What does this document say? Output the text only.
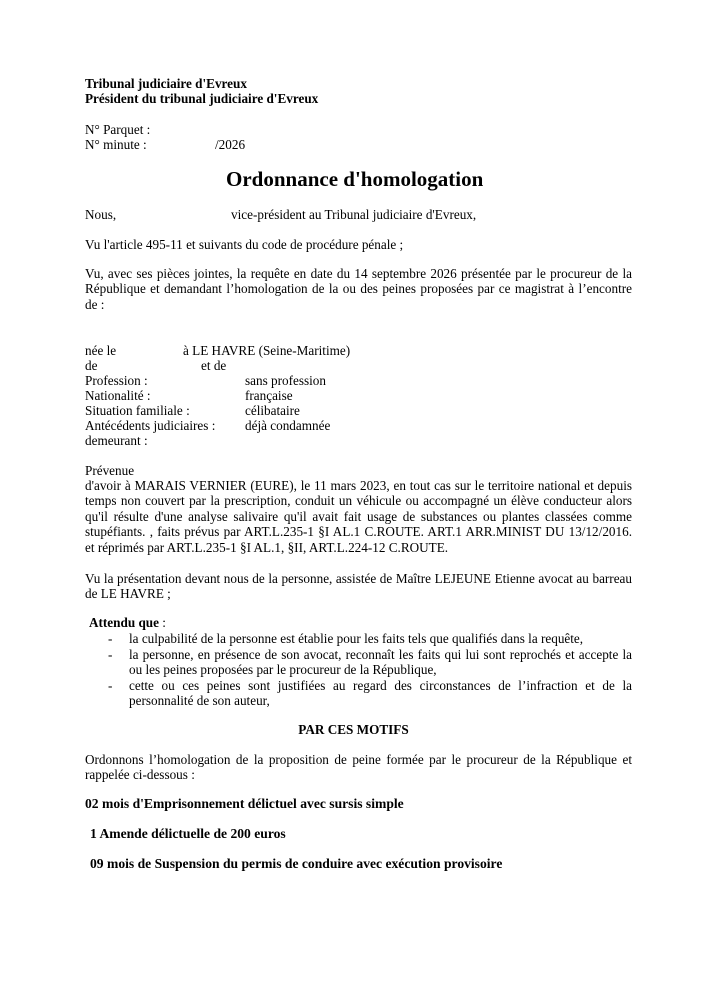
Tribunal judiciaire d'Evreux
Président du tribunal judiciaire d'Evreux
N° Parquet :
N° minute :	/2026
Ordonnance d'homologation
Nous,	vice-président au Tribunal judiciaire d'Evreux,
Vu l'article 495-11 et suivants du code de procédure pénale ;
Vu, avec ses pièces jointes, la requête en date du 14 septembre 2026 présentée par le procureur de la République et demandant l’homologation de la ou des peines proposées par ce magistrat à l’encontre de :
née le	à LE HAVRE (Seine-Maritime)
de	et de
Profession :	sans profession
Nationalité :	française
Situation familiale :	célibataire
Antécédents judiciaires : déjà condamnée
demeurant :
Prévenue
d'avoir à MARAIS VERNIER (EURE), le 11 mars 2023, en tout cas sur le territoire national et depuis temps non couvert par la prescription, conduit un véhicule ou accompagné un élève conducteur alors qu'il résulte d'une analyse salivaire qu'il avait fait usage de substances ou plantes classées comme stupéfiants. , faits prévus par ART.L.235-1 §I AL.1 C.ROUTE. ART.1 ARR.MINIST DU 13/12/2016. et réprimés par ART.L.235-1 §I AL.1, §II, ART.L.224-12 C.ROUTE.
Vu la présentation devant nous de la personne, assistée de Maître LEJEUNE Etienne avocat au barreau de LE HAVRE ;
Attendu que :
- la culpabilité de la personne est établie pour les faits tels que qualifiés dans la requête,
- la personne, en présence de son avocat, reconnaît les faits qui lui sont reprochés et accepte la ou les peines proposées par le procureur de la République,
- cette ou ces peines sont justifiées au regard des circonstances de l’infraction et de la personnalité de son auteur,
PAR CES MOTIFS
Ordonnons l’homologation de la proposition de peine formée par le procureur de la République et rappelée ci-dessous :
02 mois d'Emprisonnement délictuel avec sursis simple
1 Amende délictuelle de 200 euros
09 mois de Suspension du permis de conduire avec exécution provisoire
